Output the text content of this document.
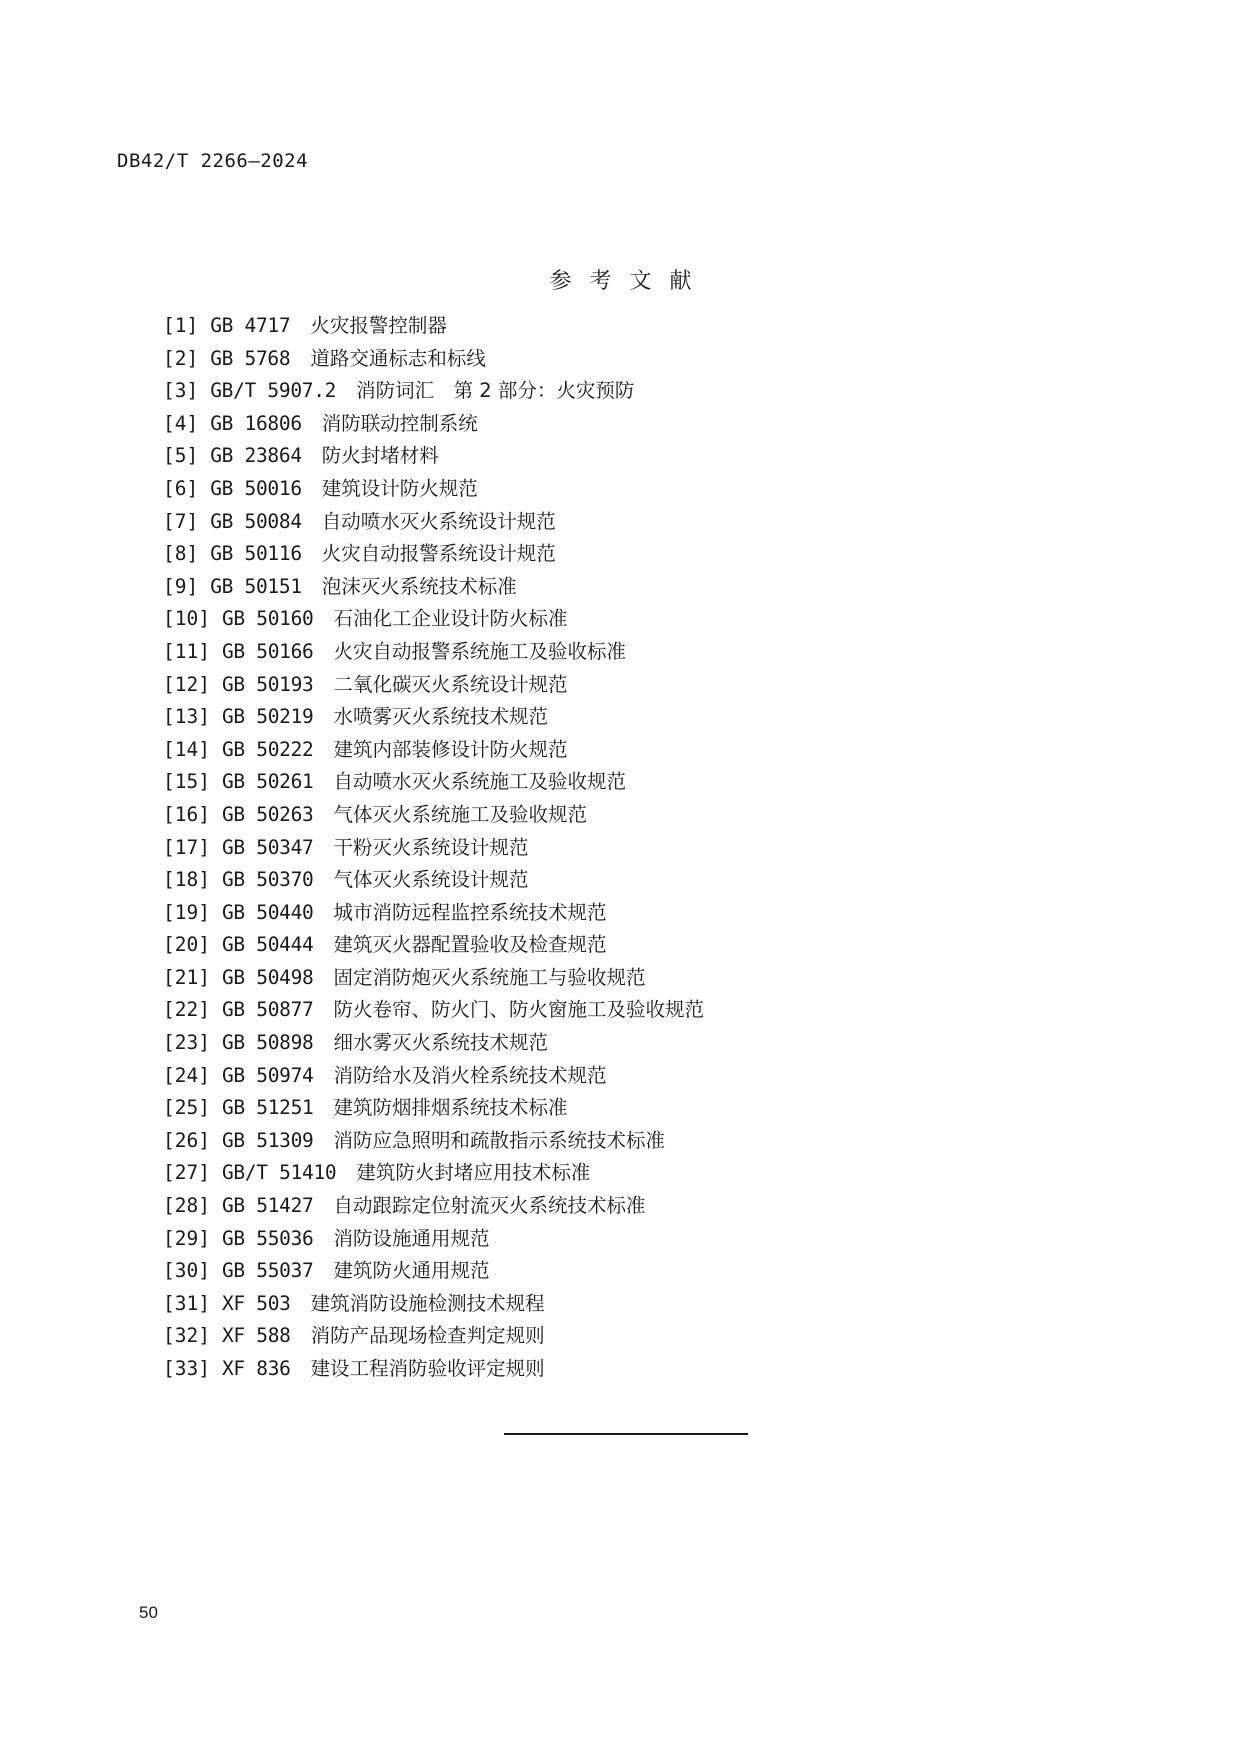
DB42/T 2266—2024
参考文献
[1] GB 4717 火灾报警控制器
[2] GB 5768 道路交通标志和标线
[3] GB/T 5907.2 消防词汇　第 2 部分：火灾预防
[4] GB 16806 消防联动控制系统
[5] GB 23864 防火封堵材料
[6] GB 50016 建筑设计防火规范
[7] GB 50084 自动喷水灭火系统设计规范
[8] GB 50116 火灾自动报警系统设计规范
[9] GB 50151 泡沫灭火系统技术标准
[10] GB 50160 石油化工企业设计防火标准
[11] GB 50166 火灾自动报警系统施工及验收标准
[12] GB 50193 二氧化碳灭火系统设计规范
[13] GB 50219 水喷雾灭火系统技术规范
[14] GB 50222 建筑内部装修设计防火规范
[15] GB 50261 自动喷水灭火系统施工及验收规范
[16] GB 50263 气体灭火系统施工及验收规范
[17] GB 50347 干粉灭火系统设计规范
[18] GB 50370 气体灭火系统设计规范
[19] GB 50440 城市消防远程监控系统技术规范
[20] GB 50444 建筑灭火器配置验收及检查规范
[21] GB 50498 固定消防炮灭火系统施工与验收规范
[22] GB 50877 防火卷帘、防火门、防火窗施工及验收规范
[23] GB 50898 细水雾灭火系统技术规范
[24] GB 50974 消防给水及消火栓系统技术规范
[25] GB 51251 建筑防烟排烟系统技术标准
[26] GB 51309 消防应急照明和疏散指示系统技术标准
[27] GB/T 51410 建筑防火封堵应用技术标准
[28] GB 51427 自动跟踪定位射流灭火系统技术标准
[29] GB 55036 消防设施通用规范
[30] GB 55037 建筑防火通用规范
[31] XF 503 建筑消防设施检测技术规程
[32] XF 588 消防产品现场检查判定规则
[33] XF 836 建设工程消防验收评定规则
50
